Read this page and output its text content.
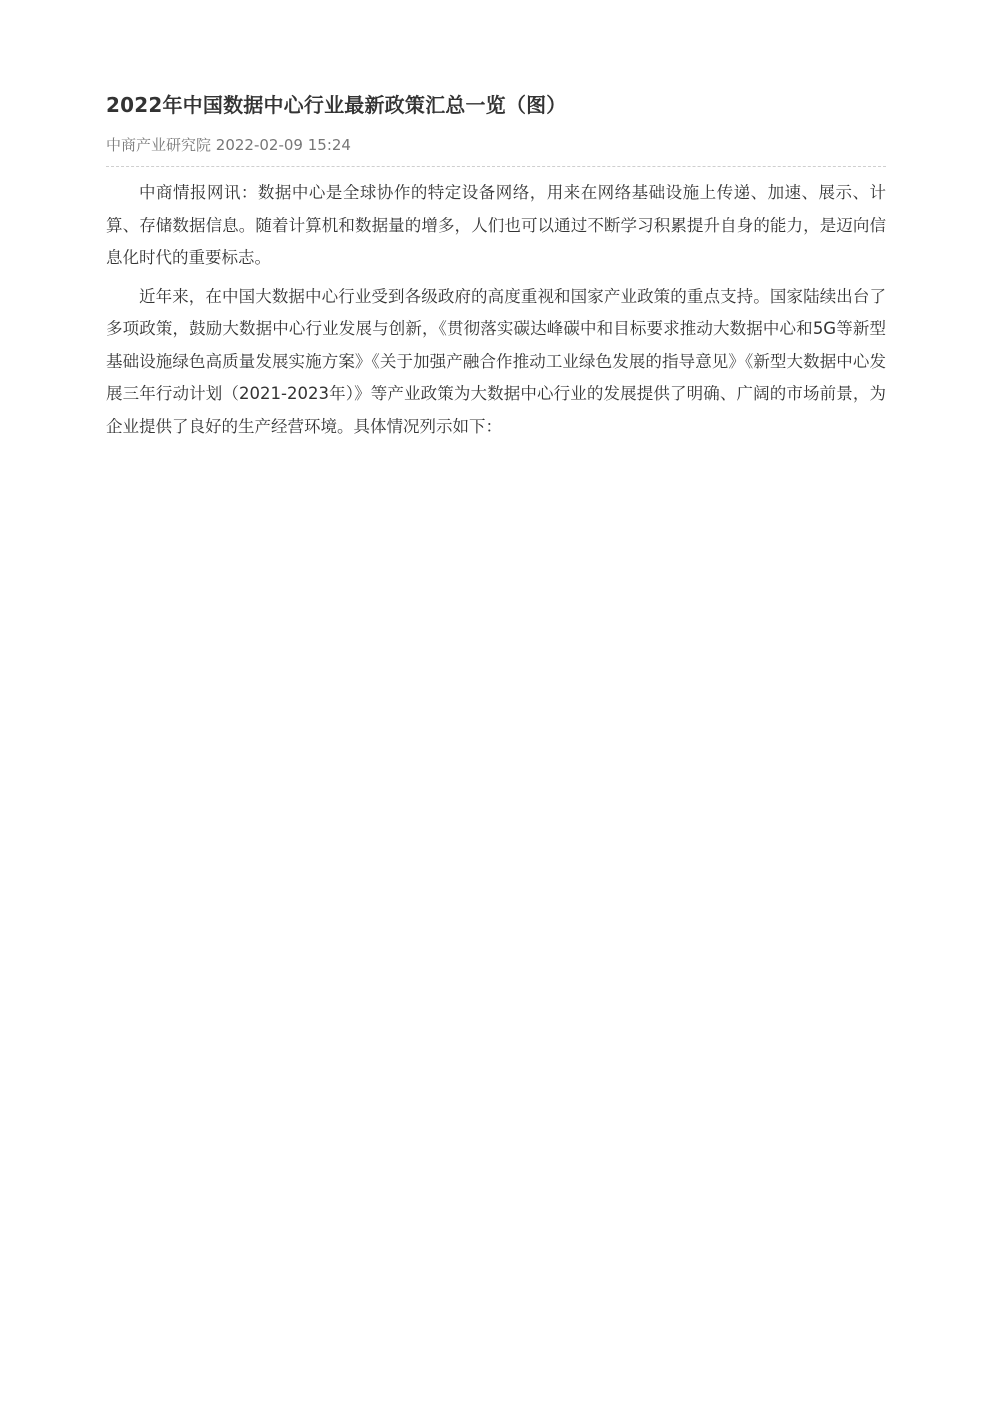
2022年中国数据中心行业最新政策汇总一览（图）
中商产业研究院 2022-02-09 15:24

中商情报网讯：数据中心是全球协作的特定设备网络，用来在网络基础设施上传递、加速、展示、计算、存储数据信息。随着计算机和数据量的增多，人们也可以通过不断学习积累提升自身的能力，是迈向信息化时代的重要标志。

近年来，在中国大数据中心行业受到各级政府的高度重视和国家产业政策的重点支持。国家陆续出台了多项政策，鼓励大数据中心行业发展与创新，《贯彻落实碳达峰碳中和目标要求推动大数据中心和5G等新型基础设施绿色高质量发展实施方案》《关于加强产融合作推动工业绿色发展的指导意见》《新型大数据中心发展三年行动计划（2021-2023年）》等产业政策为大数据中心行业的发展提供了明确、广阔的市场前景，为企业提供了良好的生产经营环境。具体情况列示如下：
